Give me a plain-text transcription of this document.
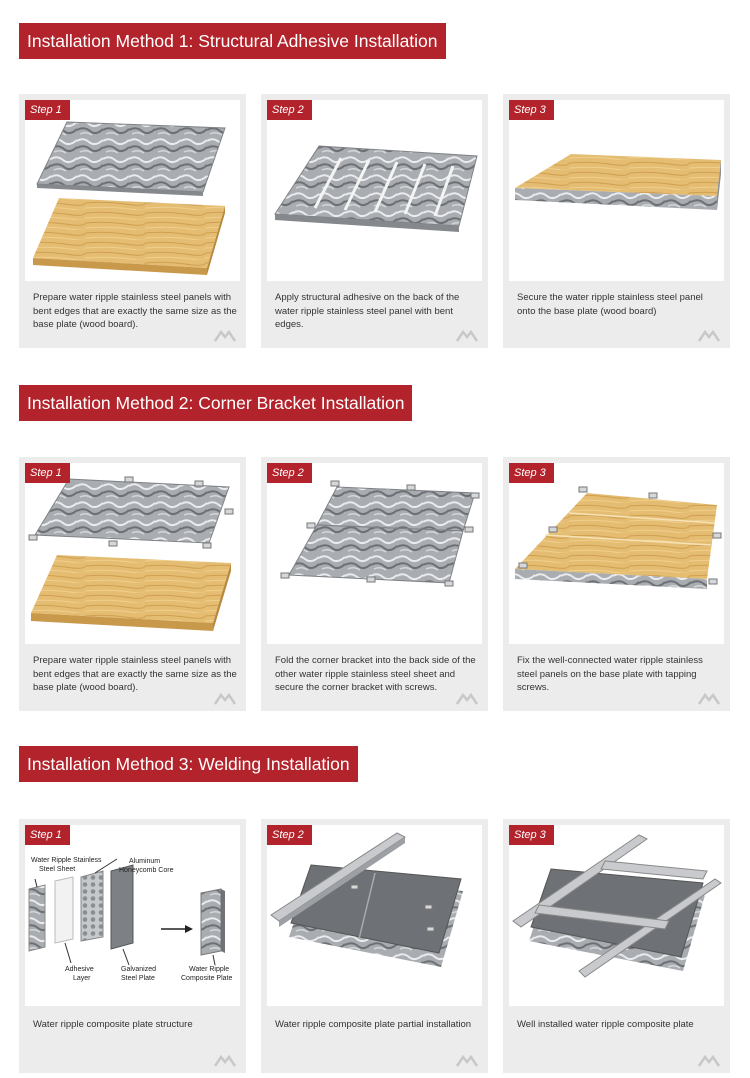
Installation Method 1: Structural Adhesive Installation
Step 1
Prepare water ripple stainless steel panels with bent edges that are exactly the same size as the base plate (wood board).
Step 2
Apply structural adhesive on the back of the water ripple stainless steel panel with bent edges.
Step 3
Secure the water ripple stainless steel panel onto the base plate (wood board)
Installation Method 2: Corner Bracket Installation
Step 1
Prepare water ripple stainless steel panels with bent edges that are exactly the same size as the base plate (wood board).
Step 2
Fold the corner bracket into the back side of the other water ripple stainless steel sheet and secure the corner bracket with screws.
Step 3
Fix the well-connected water ripple stainless steel panels on the base plate with tapping screws.
Installation Method 3: Welding Installation
Step 1
Water Ripple Stainless
Steel Sheet
Aluminum
Honeycomb Core
Adhesive
Layer
Galvanized
Steel Plate
Water Ripple
Composite Plate
Water ripple composite plate structure
Step 2
Water ripple composite plate partial installation
Step 3
Well installed water ripple composite plate
